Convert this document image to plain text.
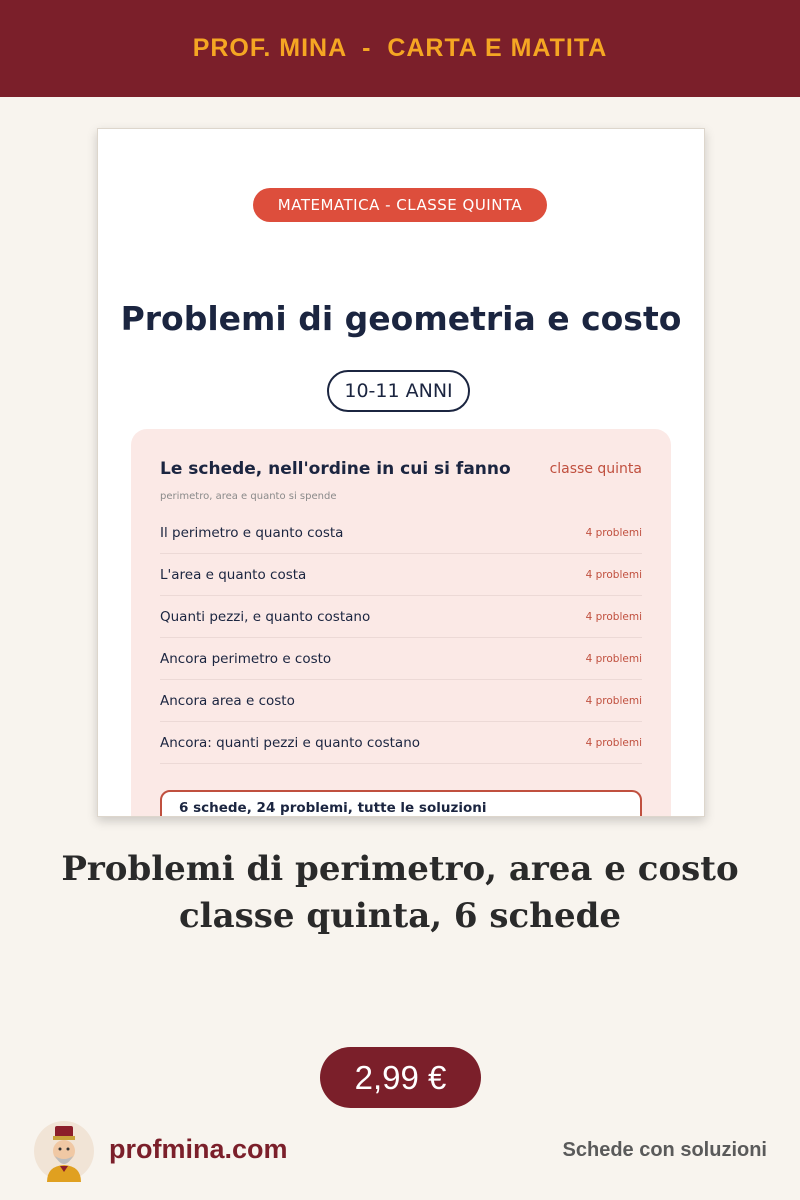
PROF. MINA  -  CARTA E MATITA
MATEMATICA - CLASSE QUINTA
Problemi di geometria e costo
10-11 ANNI
Le schede, nell'ordine in cui si fanno	classe quinta
perimetro, area e quanto si spende
Il perimetro e quanto costa	4 problemi
L'area e quanto costa	4 problemi
Quanti pezzi, e quanto costano	4 problemi
Ancora perimetro e costo	4 problemi
Ancora area e costo	4 problemi
Ancora: quanti pezzi e quanto costano	4 problemi
6 schede, 24 problemi, tutte le soluzioni
Problemi di perimetro, area e costo
classe quinta, 6 schede
2,99 €
profmina.com	Schede con soluzioni
